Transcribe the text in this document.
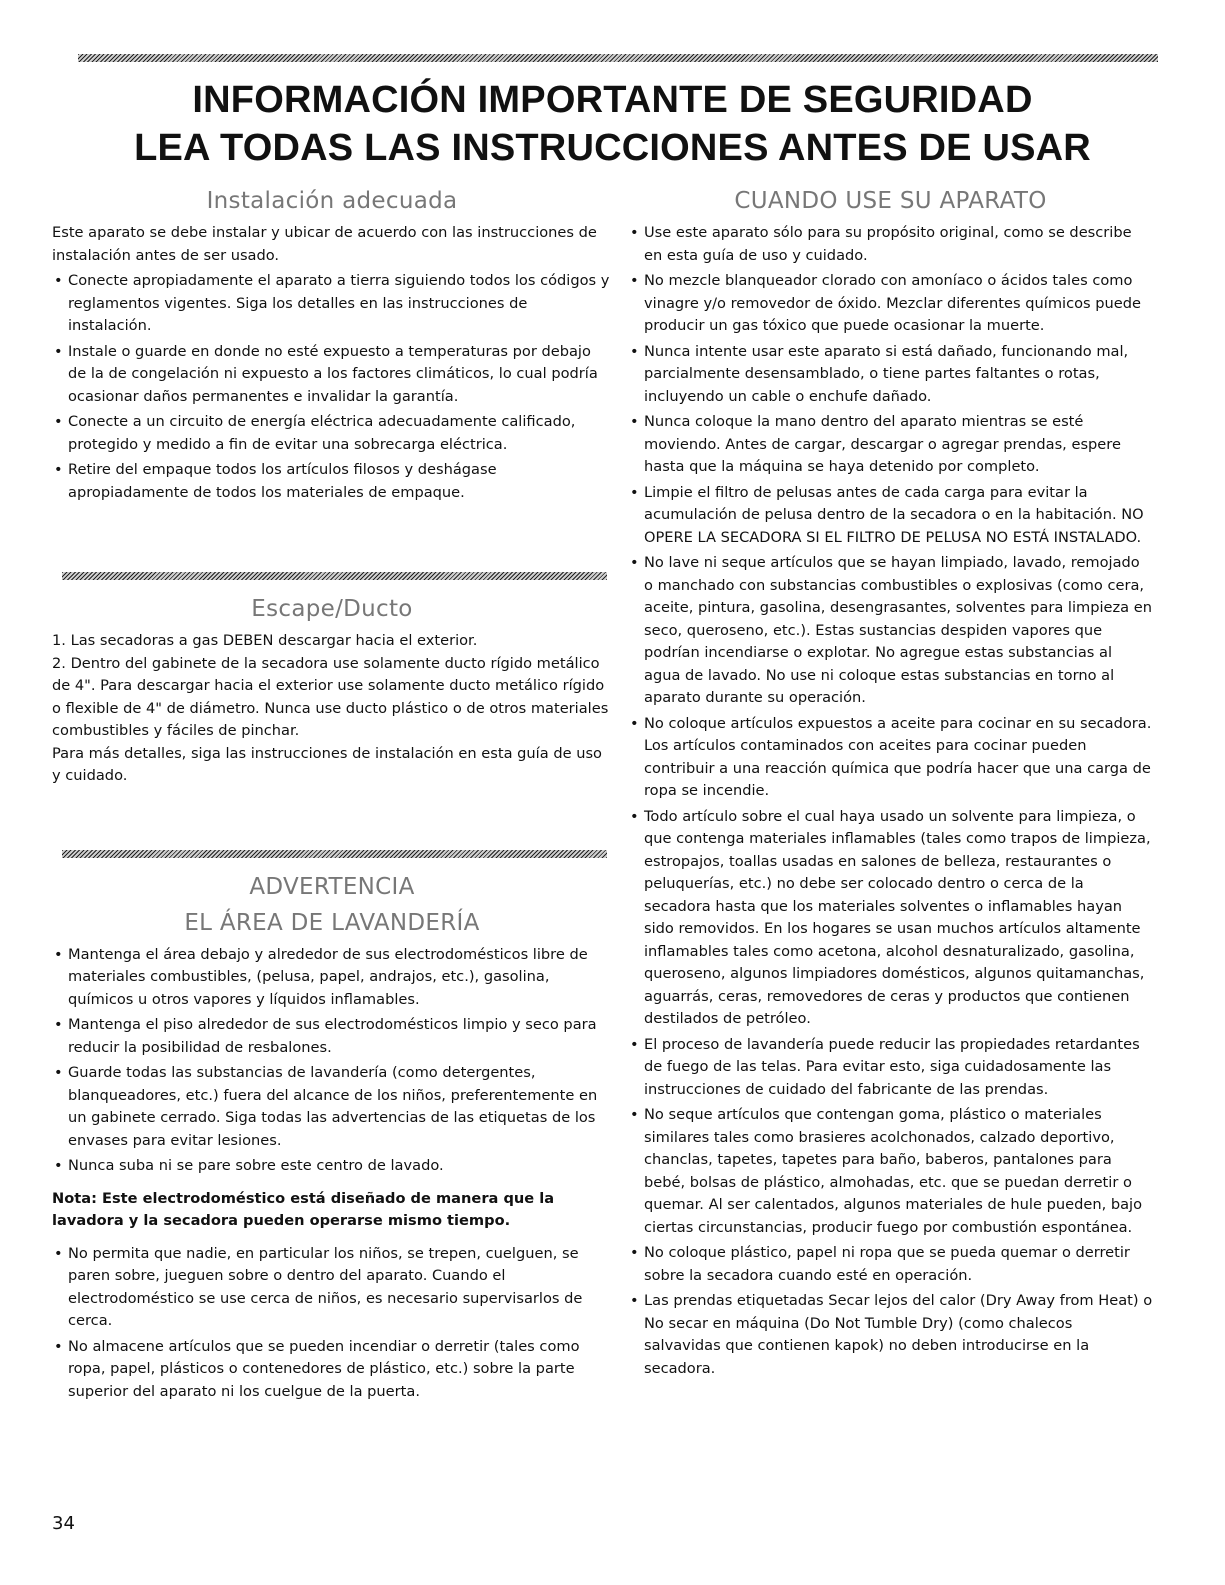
INFORMACIÓN IMPORTANTE DE SEGURIDAD
LEA TODAS LAS INSTRUCCIONES ANTES DE USAR
Instalación adecuada

Este aparato se debe instalar y ubicar de acuerdo con las instrucciones de instalación antes de ser usado.

• Conecte apropiadamente el aparato a tierra siguiendo todos los códigos y reglamentos vigentes. Siga los detalles en las instrucciones de instalación.
• Instale o guarde en donde no esté expuesto a temperaturas por debajo de la de congelación ni expuesto a los factores climáticos, lo cual podría ocasionar daños permanentes e invalidar la garantía.
• Conecte a un circuito de energía eléctrica adecuadamente calificado, protegido y medido a fin de evitar una sobrecarga eléctrica.
• Retire del empaque todos los artículos filosos y deshágase apropiadamente de todos los materiales de empaque.
Escape/Ducto

1. Las secadoras a gas DEBEN descargar hacia el exterior.

2. Dentro del gabinete de la secadora use solamente ducto rígido metálico de 4". Para descargar hacia el exterior use solamente ducto metálico rígido o flexible de 4" de diámetro. Nunca use ducto plástico o de otros materiales combustibles y fáciles de pinchar.

Para más detalles, siga las instrucciones de instalación en esta guía de uso y cuidado.

ADVERTENCIA
EL ÁREA DE LAVANDERÍA
• Mantenga el área debajo y alrededor de sus electrodomésticos libre de materiales combustibles, (pelusa, papel, andrajos, etc.), gasolina, químicos u otros vapores y líquidos inflamables.
• Mantenga el piso alrededor de sus electrodomésticos limpio y seco para reducir la posibilidad de resbalones.
• Guarde todas las substancias de lavandería (como detergentes, blanqueadores, etc.) fuera del alcance de los niños, preferentemente en un gabinete cerrado. Siga todas las advertencias de las etiquetas de los envases para evitar lesiones.
• Nunca suba ni se pare sobre este centro de lavado.

Nota: Este electrodoméstico está diseñado de manera que la lavadora y la secadora pueden operarse mismo tiempo.

• No permita que nadie, en particular los niños, se trepen, cuelguen, se paren sobre, jueguen sobre o dentro del aparato. Cuando el electrodoméstico se use cerca de niños, es necesario supervisarlos de cerca.
• No almacene artículos que se pueden incendiar o derretir (tales como ropa, papel, plásticos o contenedores de plástico, etc.) sobre la parte superior del aparato ni los cuelgue de la puerta.
CUANDO USE SU APARATO
• Use este aparato sólo para su propósito original, como se describe en esta guía de uso y cuidado.
• No mezcle blanqueador clorado con amoníaco o ácidos tales como vinagre y/o removedor de óxido. Mezclar diferentes químicos puede producir un gas tóxico que puede ocasionar la muerte.
• Nunca intente usar este aparato si está dañado, funcionando mal, parcialmente desensamblado, o tiene partes faltantes o rotas, incluyendo un cable o enchufe dañado.
• Nunca coloque la mano dentro del aparato mientras se esté moviendo. Antes de cargar, descargar o agregar prendas, espere hasta que la máquina se haya detenido por completo.
• Limpie el filtro de pelusas antes de cada carga para evitar la acumulación de pelusa dentro de la secadora o en la habitación. NO OPERE LA SECADORA SI EL FILTRO DE PELUSA NO ESTÁ INSTALADO.
• No lave ni seque artículos que se hayan limpiado, lavado, remojado o manchado con substancias combustibles o explosivas (como cera, aceite, pintura, gasolina, desengrasantes, solventes para limpieza en seco, queroseno, etc.). Estas sustancias despiden vapores que podrían incendiarse o explotar. No agregue estas substancias al agua de lavado. No use ni coloque estas substancias en torno al aparato durante su operación.
• No coloque artículos expuestos a aceite para cocinar en su secadora. Los artículos contaminados con aceites para cocinar pueden contribuir a una reacción química que podría hacer que una carga de ropa se incendie.
• Todo artículo sobre el cual haya usado un solvente para limpieza, o que contenga materiales inflamables (tales como trapos de limpieza, estropajos, toallas usadas en salones de belleza, restaurantes o peluquerías, etc.) no debe ser colocado dentro o cerca de la secadora hasta que los materiales solventes o inflamables hayan sido removidos. En los hogares se usan muchos artículos altamente inflamables tales como acetona, alcohol desnaturalizado, gasolina, queroseno, algunos limpiadores domésticos, algunos quitamanchas, aguarrás, ceras, removedores de ceras y productos que contienen destilados de petróleo.
• El proceso de lavandería puede reducir las propiedades retardantes de fuego de las telas. Para evitar esto, siga cuidadosamente las instrucciones de cuidado del fabricante de las prendas.
• No seque artículos que contengan goma, plástico o materiales similares tales como brasieres acolchonados, calzado deportivo, chanclas, tapetes, tapetes para baño, baberos, pantalones para bebé, bolsas de plástico, almohadas, etc. que se puedan derretir o quemar. Al ser calentados, algunos materiales de hule pueden, bajo ciertas circunstancias, producir fuego por combustión espontánea.
• No coloque plástico, papel ni ropa que se pueda quemar o derretir sobre la secadora cuando esté en operación.
• Las prendas etiquetadas Secar lejos del calor (Dry Away from Heat) o No secar en máquina (Do Not Tumble Dry) (como chalecos salvavidas que contienen kapok) no deben introducirse en la secadora.
34
